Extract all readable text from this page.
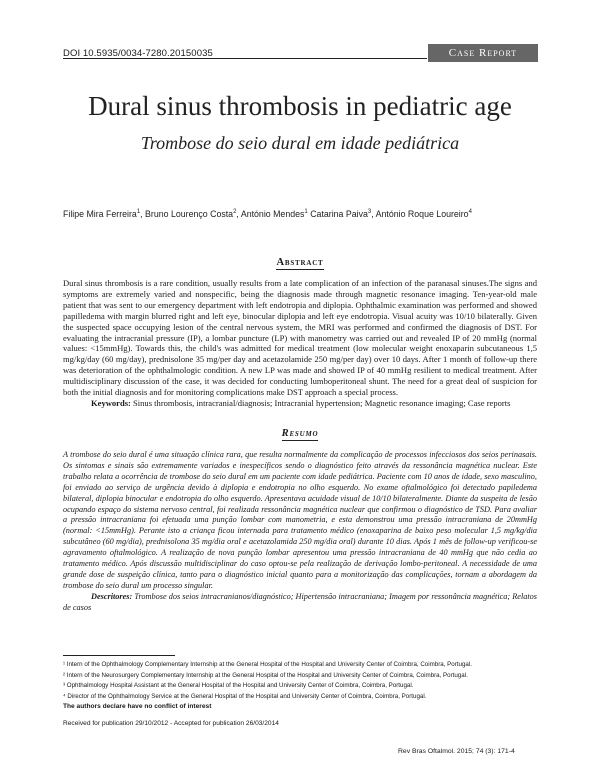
DOI 10.5935/0034-7280.20150035	Case Report
Dural sinus thrombosis in pediatric age
Trombose do seio dural em idade pediátrica
Filipe Mira Ferreira$^1$, Bruno Lourenço Costa$^2$, António Mendes$^1$ Catarina Paiva$^3$, António Roque Loureiro$^4$
Abstract
Dural sinus thrombosis is a rare condition, usually results from a late complication of an infection of the paranasal sinuses.The signs and symptoms are extremely varied and nonspecific, being the diagnosis made through magnetic resonance imaging. Ten-year-old male patient that was sent to our emergency department with left endotropia and diplopia. Ophthalmic examination was performed and showed papilledema with margin blurred right and left eye, binocular diplopia and left eye endotropia. Visual acuity was 10/10 bilaterally. Given the suspected space occupying lesion of the central nervous system, the MRI was performed and confirmed the diagnosis of DST. For evaluating the intracranial pressure (IP), a lombar puncture (LP) with manometry was carried out and revealed IP of 20 mmHg (normal values: <15mmHg). Towards this, the child's was admitted for medical treatment (low molecular weight enoxaparin subcutaneous 1,5 mg/kg/day (60 mg/day), prednisolone 35 mg/per day and acetazolamide 250 mg/per day) over 10 days. After 1 month of follow-up there was deterioration of the ophthalmologic condition. A new LP was made and showed IP of 40 mmHg resilient to medical treatment. After multidisciplinary discussion of the case, it was decided for conducting lumboperitoneal shunt. The need for a great deal of suspicion for both the initial diagnosis and for monitoring complications make DST approach a special process.
Keywords: Sinus thrombosis, intracranial/diagnosis; Intracranial hypertension; Magnetic resonance imaging; Case reports
Resumo
A trombose do seio dural é uma situação clínica rara, que resulta normalmente da complicação de processos infecciosos dos seios perinasais. Os sintomas e sinais são extremamente variados e inespecíficos sendo o diagnóstico feito através da ressonância magnética nuclear. Este trabalho relata a ocorrência de trombose do seio dural em um paciente com idade pediátrica. Paciente com 10 anos de idade, sexo masculino, foi enviado ao serviço de urgência devido à diplopia e endotropia no olho esquerdo. No exame oftalmológico foi detectado papiledema bilateral, diplopia binocular e endotropia do olho esquerdo. Apresentava acuidade visual de 10/10 bilateralmente. Diante da suspeita de lesão ocupando espaço do sistema nervoso central, foi realizada ressonância magnética nuclear que confirmou o diagnóstico de TSD. Para avaliar a pressão intracraniana foi efetuada uma punção lombar com manometria, e esta demonstrou uma pressão intracraniana de 20mmHg (normal: <15mmHg). Perante isto a criança ficou internada para tratamento médico (enoxaparina de baixo peso molecular 1,5 mg/kg/dia subcutâneo (60 mg/dia), prednisolona 35 mg/dia oral e acetazolamida 250 mg/dia oral) durante 10 dias. Após 1 mês de follow-up verificou-se agravamento oftalmológico. A realização de nova punção lombar apresentou uma pressão intracraniana de 40 mmHg que não cedia ao tratamento médico. Após discussão multidisciplinar do caso optou-se pela realização de derivação lombo-peritoneal. A necessidade de uma grande dose de suspeição clínica, tanto para o diagnóstico inicial quanto para a monitorização das complicações, tornam a abordagem da trombose do seio dural um processo singular.
Descritores: Trombose dos seios intracranianos/diagnóstico; Hipertensão intracraniana; Imagem por ressonância magnética; Relatos de casos
¹ Intern of the Ophthalmology Complementary Internship at the General Hospital of the Hospital and University Center of Coimbra, Coimbra, Portugal.
² Intern of the Neurosurgery Complementary Internship at the General Hospital of the Hospital and University Center of Coimbra, Coimbra, Portugal.
³ Ophthalmology Hospital Assistant at the General Hospital of the Hospital and University Center of Coimbra, Coimbra, Portugal.
⁴ Director of the Ophthalmology Service at the General Hospital of the Hospital and University Center of Coimbra, Coimbra, Portugal.
The authors declare have no conflict of interest
Received for publication 29/10/2012 - Accepted for publication 26/03/2014
Rev Bras Oftalmol. 2015; 74 (3): 171-4
